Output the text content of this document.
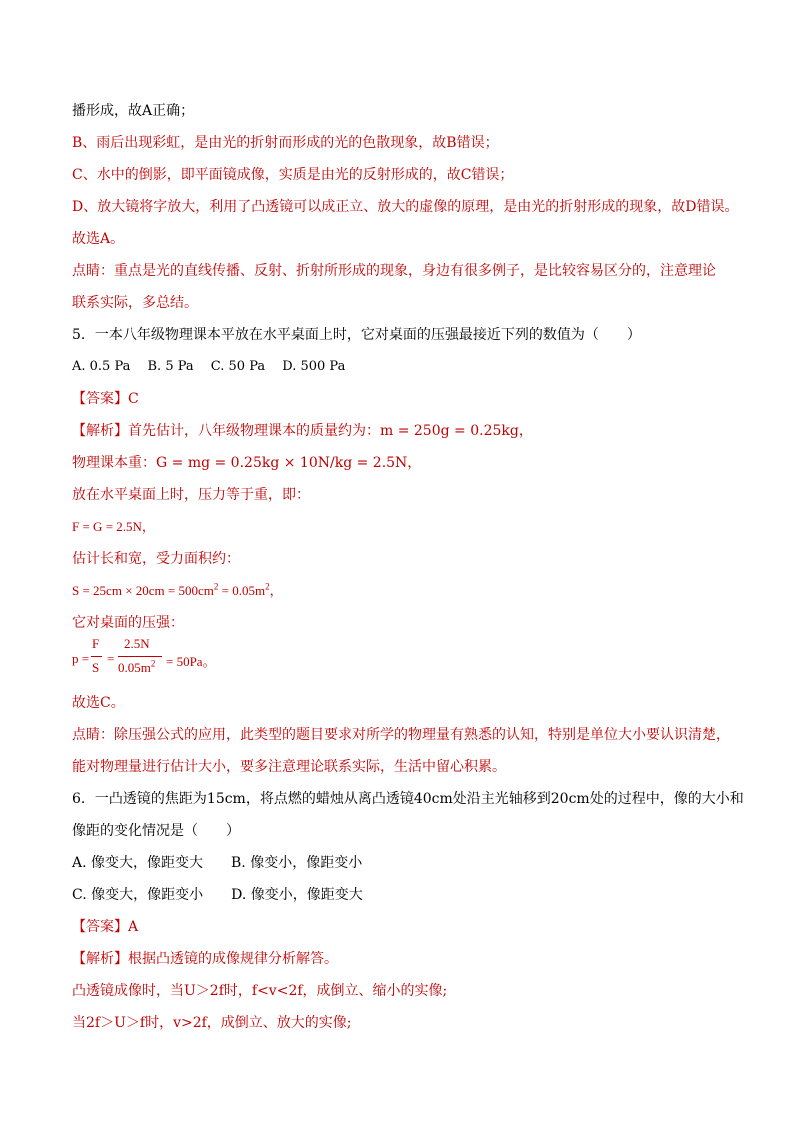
播形成，故A正确；
B、雨后出现彩虹，是由光的折射而形成的光的色散现象，故B错误；
C、水中的倒影，即平面镜成像，实质是由光的反射形成的，故C错误；
D、放大镜将字放大，利用了凸透镜可以成正立、放大的虚像的原理，是由光的折射形成的现象，故D错误。
故选A。
点睛：重点是光的直线传播、反射、折射所形成的现象，身边有很多例子，是比较容易区分的，注意理论
联系实际，多总结。
5．一本八年级物理课本平放在水平桌面上时，它对桌面的压强最接近下列的数值为（　　）
A. 0.5 Pa　 B. 5 Pa　 C. 50 Pa　 D. 500 Pa
【答案】C
【解析】首先估计，八年级物理课本的质量约为：m = 250g = 0.25kg，
物理课本重：G = mg = 0.25kg × 10N/kg = 2.5N，
放在水平桌面上时，压力等于重，即：
F = G = 2.5N，
估计长和宽，受力面积约：
$S = 25cm \times 20cm = 500cm^2 = 0.05m^2$，
它对桌面的压强：
p =
F
S
=
2.5N
$0.05m^2 = 50Pa$。
故选C。
点睛：除压强公式的应用，此类型的题目要求对所学的物理量有熟悉的认知，特别是单位大小要认识清楚，
能对物理量进行估计大小，要多注意理论联系实际，生活中留心积累。
6．一凸透镜的焦距为15cm，将点燃的蜡烛从离凸透镜40cm处沿主光轴移到20cm处的过程中，像的大小和
像距的变化情况是（　　）
A. 像变大，像距变大　　B. 像变小，像距变小
C. 像变大，像距变小　　D. 像变小，像距变大
【答案】A
【解析】根据凸透镜的成像规律分析解答。
凸透镜成像时，当U＞2f时，f<v<2f，成倒立、缩小的实像;
当2f＞U＞f时，v>2f，成倒立、放大的实像;
